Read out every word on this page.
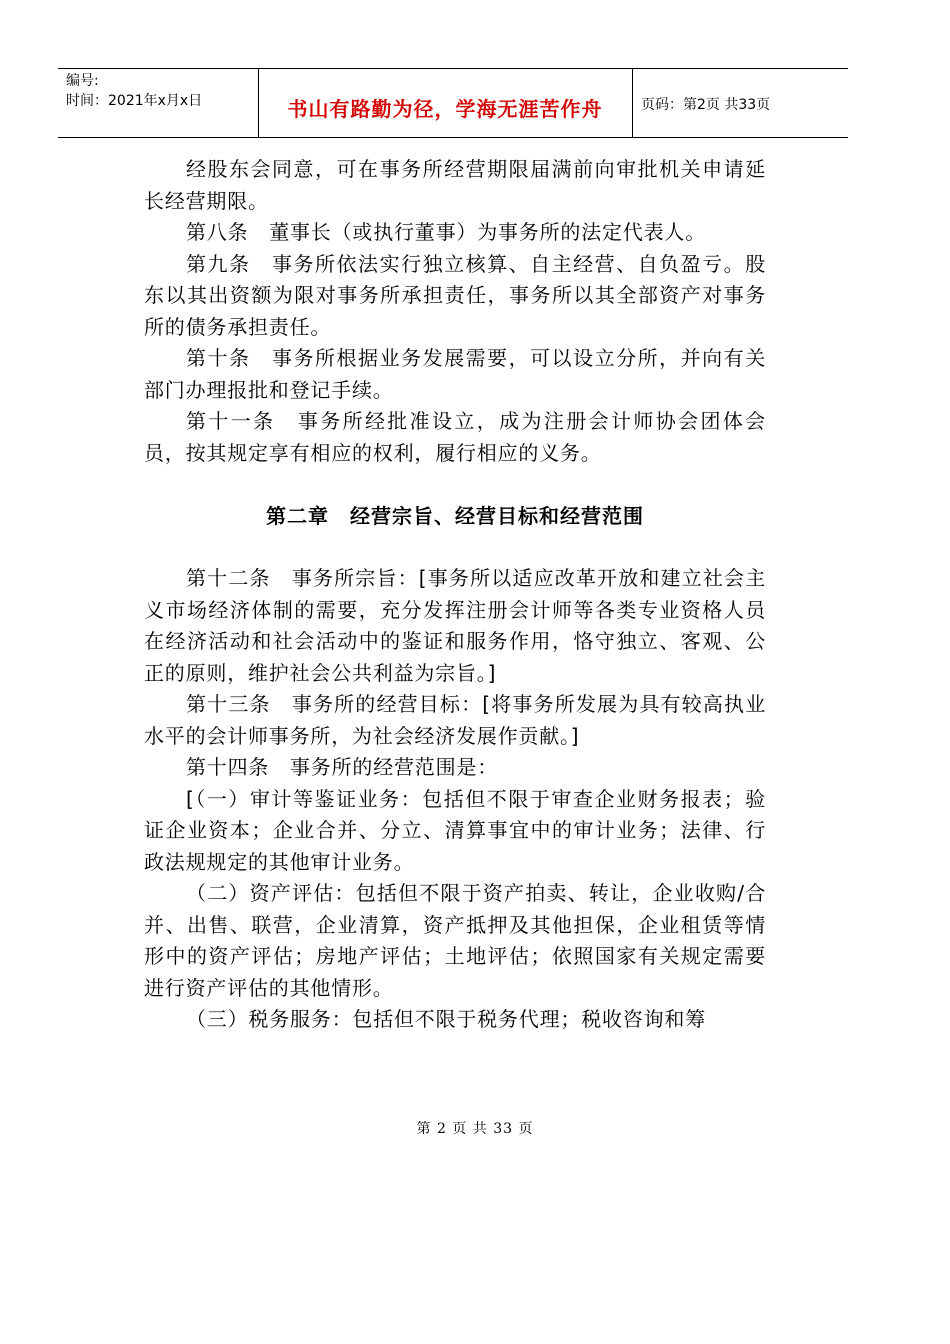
编号:
时间：2021年x月x日	书山有路勤为径，学海无涯苦作舟	页码：第2页 共33页

经股东会同意，可在事务所经营期限届满前向审批机关申请延长经营期限。

第八条　董事长（或执行董事）为事务所的法定代表人。

第九条　事务所依法实行独立核算、自主经营、自负盈亏。股东以其出资额为限对事务所承担责任，事务所以其全部资产对事务所的债务承担责任。

第十条　事务所根据业务发展需要，可以设立分所，并向有关部门办理报批和登记手续。

第十一条　事务所经批准设立，成为注册会计师协会团体会员，按其规定享有相应的权利，履行相应的义务。

第二章　经营宗旨、经营目标和经营范围

第十二条　事务所宗旨：[事务所以适应改革开放和建立社会主义市场经济体制的需要，充分发挥注册会计师等各类专业资格人员在经济活动和社会活动中的鉴证和服务作用，恪守独立、客观、公正的原则，维护社会公共利益为宗旨。]

第十三条　事务所的经营目标：[将事务所发展为具有较高执业水平的会计师事务所，为社会经济发展作贡献。]

第十四条　事务所的经营范围是：

[（一）审计等鉴证业务：包括但不限于审查企业财务报表；验证企业资本；企业合并、分立、清算事宜中的审计业务；法律、行政法规规定的其他审计业务。

（二）资产评估：包括但不限于资产拍卖、转让，企业收购/合并、出售、联营，企业清算，资产抵押及其他担保，企业租赁等情形中的资产评估；房地产评估；土地评估；依照国家有关规定需要进行资产评估的其他情形。

（三）税务服务：包括但不限于税务代理；税收咨询和筹

第 2 页 共 33 页
